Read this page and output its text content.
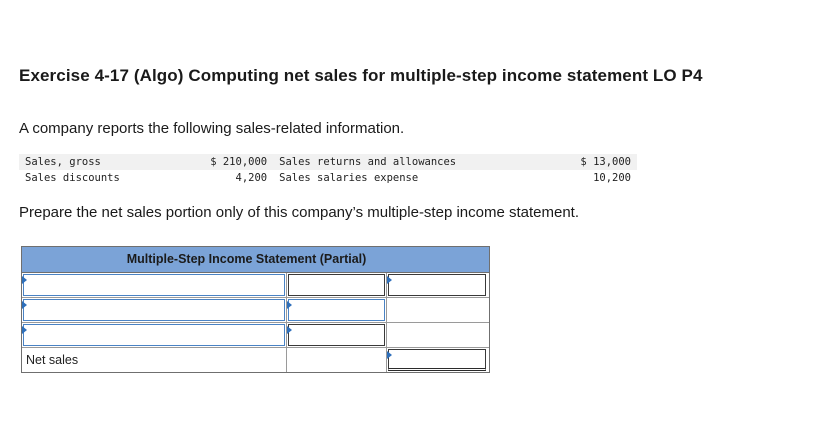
Exercise 4-17 (Algo) Computing net sales for multiple-step income statement LO P4
A company reports the following sales-related information.
Sales, gross	$ 210,000	Sales returns and allowances	$ 13,000
Sales discounts	4,200	Sales salaries expense	10,200
Prepare the net sales portion only of this company’s multiple-step income statement.
Multiple-Step Income Statement (Partial)
Net sales
